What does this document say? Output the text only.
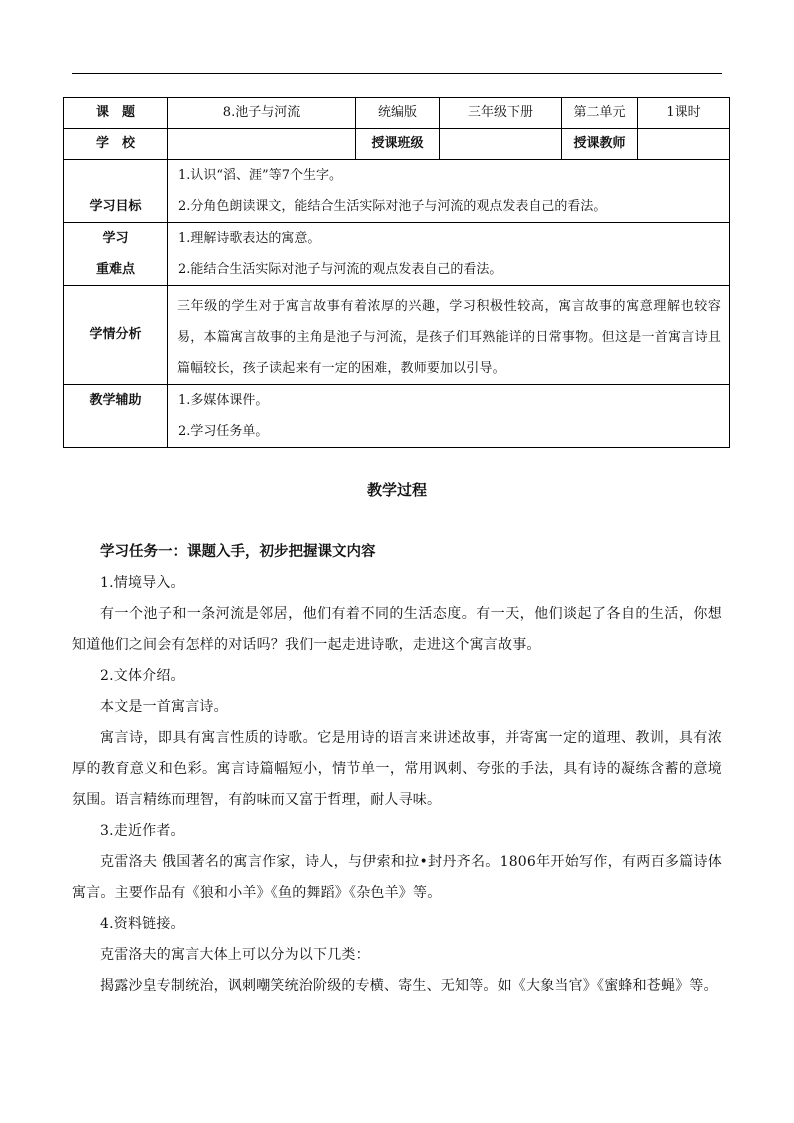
课　题	8.池子与河流	统编版	三年级下册	第二单元	1课时
学　校		授课班级		授课教师	

学习目标	1.认识“滔、涯”等7个生字。
2.分角色朗读课文，能结合生活实际对池子与河流的观点发表自己的看法。				

学习
重难点	1.理解诗歌表达的寓意。
2.能结合生活实际对池子与河流的观点发表自己的看法。				

学情分析	三年级的学生对于寓言故事有着浓厚的兴趣，学习积极性较高，寓言故事的寓意理解也较容易，本篇寓言故事的主角是池子与河流，是孩子们耳熟能详的日常事物。但这是一首寓言诗且篇幅较长，孩子读起来有一定的困难，教师要加以引导。				

教学辅助	1.多媒体课件。
2.学习任务单。				
教学过程

学习任务一：课题入手，初步把握课文内容

1.情境导入。

有一个池子和一条河流是邻居，他们有着不同的生活态度。有一天，他们谈起了各自的生活，你想知道他们之间会有怎样的对话吗？我们一起走进诗歌，走进这个寓言故事。

2.文体介绍。

本文是一首寓言诗。

寓言诗，即具有寓言性质的诗歌。它是用诗的语言来讲述故事，并寄寓一定的道理、教训，具有浓厚的教育意义和色彩。寓言诗篇幅短小，情节单一，常用讽刺、夸张的手法，具有诗的凝练含蓄的意境氛围。语言精练而理智，有韵味而又富于哲理，耐人寻味。

3.走近作者。

克雷洛夫 俄国著名的寓言作家，诗人，与伊索和拉•封丹齐名。1806年开始写作，有两百多篇诗体寓言。主要作品有《狼和小羊》《鱼的舞蹈》《杂色羊》等。

4.资料链接。

克雷洛夫的寓言大体上可以分为以下几类：

揭露沙皇专制统治，讽刺嘲笑统治阶级的专横、寄生、无知等。如《大象当官》《蜜蜂和苍蝇》等。
